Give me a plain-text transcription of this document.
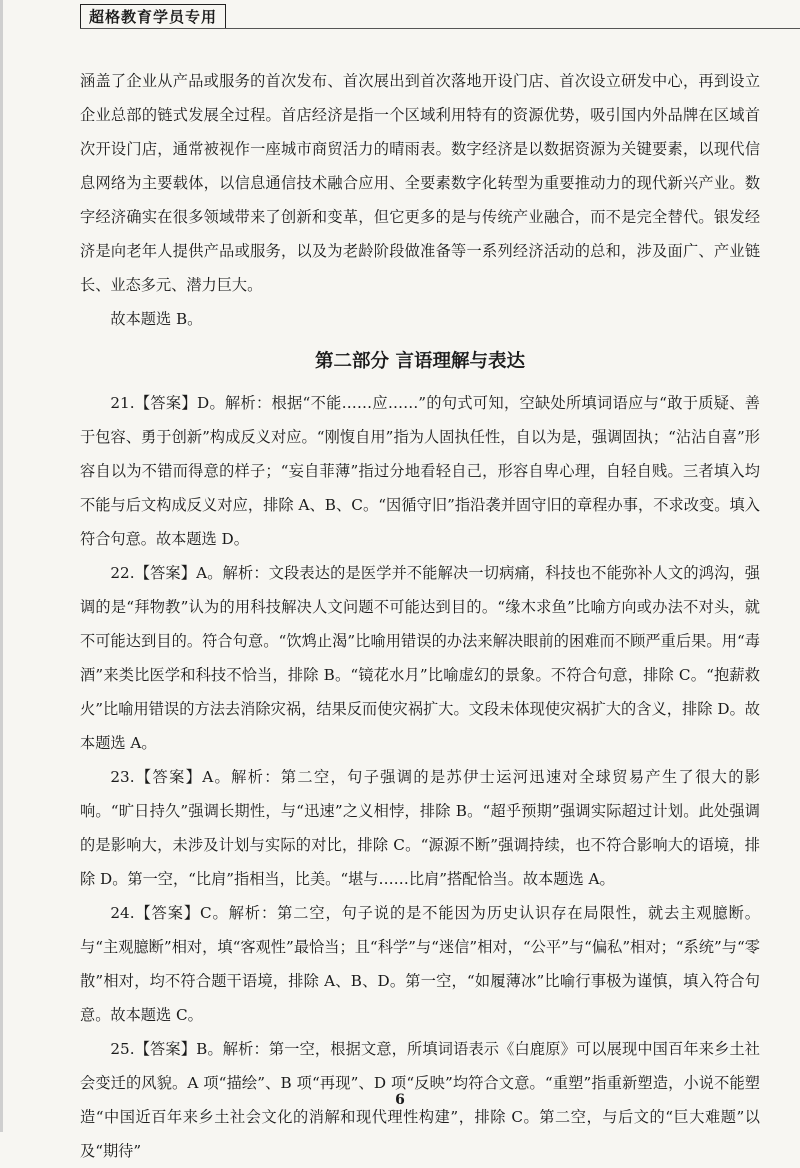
超格教育学员专用

涵盖了企业从产品或服务的首次发布、首次展出到首次落地开设门店、首次设立研发中心，再到设立企业总部的链式发展全过程。首店经济是指一个区域利用特有的资源优势，吸引国内外品牌在区域首次开设门店，通常被视作一座城市商贸活力的晴雨表。数字经济是以数据资源为关键要素，以现代信息网络为主要载体，以信息通信技术融合应用、全要素数字化转型为重要推动力的现代新兴产业。数字经济确实在很多领域带来了创新和变革，但它更多的是与传统产业融合，而不是完全替代。银发经济是向老年人提供产品或服务，以及为老龄阶段做准备等一系列经济活动的总和，涉及面广、产业链长、业态多元、潜力巨大。

故本题选 B。

第二部分 言语理解与表达

21.【答案】D。解析：根据“不能……应……”的句式可知，空缺处所填词语应与“敢于质疑、善于包容、勇于创新”构成反义对应。“刚愎自用”指为人固执任性，自以为是，强调固执；“沾沾自喜”形容自以为不错而得意的样子；“妄自菲薄”指过分地看轻自己，形容自卑心理，自轻自贱。三者填入均不能与后文构成反义对应，排除 A、B、C。“因循守旧”指沿袭并固守旧的章程办事，不求改变。填入符合句意。故本题选 D。

22.【答案】A。解析：文段表达的是医学并不能解决一切病痛，科技也不能弥补人文的鸿沟，强调的是“拜物教”认为的用科技解决人文问题不可能达到目的。“缘木求鱼”比喻方向或办法不对头，就不可能达到目的。符合句意。“饮鸩止渴”比喻用错误的办法来解决眼前的困难而不顾严重后果。用“毒酒”来类比医学和科技不恰当，排除 B。“镜花水月”比喻虚幻的景象。不符合句意，排除 C。“抱薪救火”比喻用错误的方法去消除灾祸，结果反而使灾祸扩大。文段未体现使灾祸扩大的含义，排除 D。故本题选 A。

23.【答案】A。解析：第二空，句子强调的是苏伊士运河迅速对全球贸易产生了很大的影响。“旷日持久”强调长期性，与“迅速”之义相悖，排除 B。“超乎预期”强调实际超过计划。此处强调的是影响大，未涉及计划与实际的对比，排除 C。“源源不断”强调持续，也不符合影响大的语境，排除 D。第一空，“比肩”指相当，比美。“堪与……比肩”搭配恰当。故本题选 A。

24.【答案】C。解析：第二空，句子说的是不能因为历史认识存在局限性，就去主观臆断。与“主观臆断”相对，填“客观性”最恰当；且“科学”与“迷信”相对，“公平”与“偏私”相对；“系统”与“零散”相对，均不符合题干语境，排除 A、B、D。第一空，“如履薄冰”比喻行事极为谨慎，填入符合句意。故本题选 C。

25.【答案】B。解析：第一空，根据文意，所填词语表示《白鹿原》可以展现中国百年来乡土社会变迁的风貌。A 项“描绘”、B 项“再现”、D 项“反映”均符合文意。“重塑”指重新塑造，小说不能塑造“中国近百年来乡土社会文化的消解和现代理性构建”，排除 C。第二空，与后文的“巨大难题”以及“期待”

6
